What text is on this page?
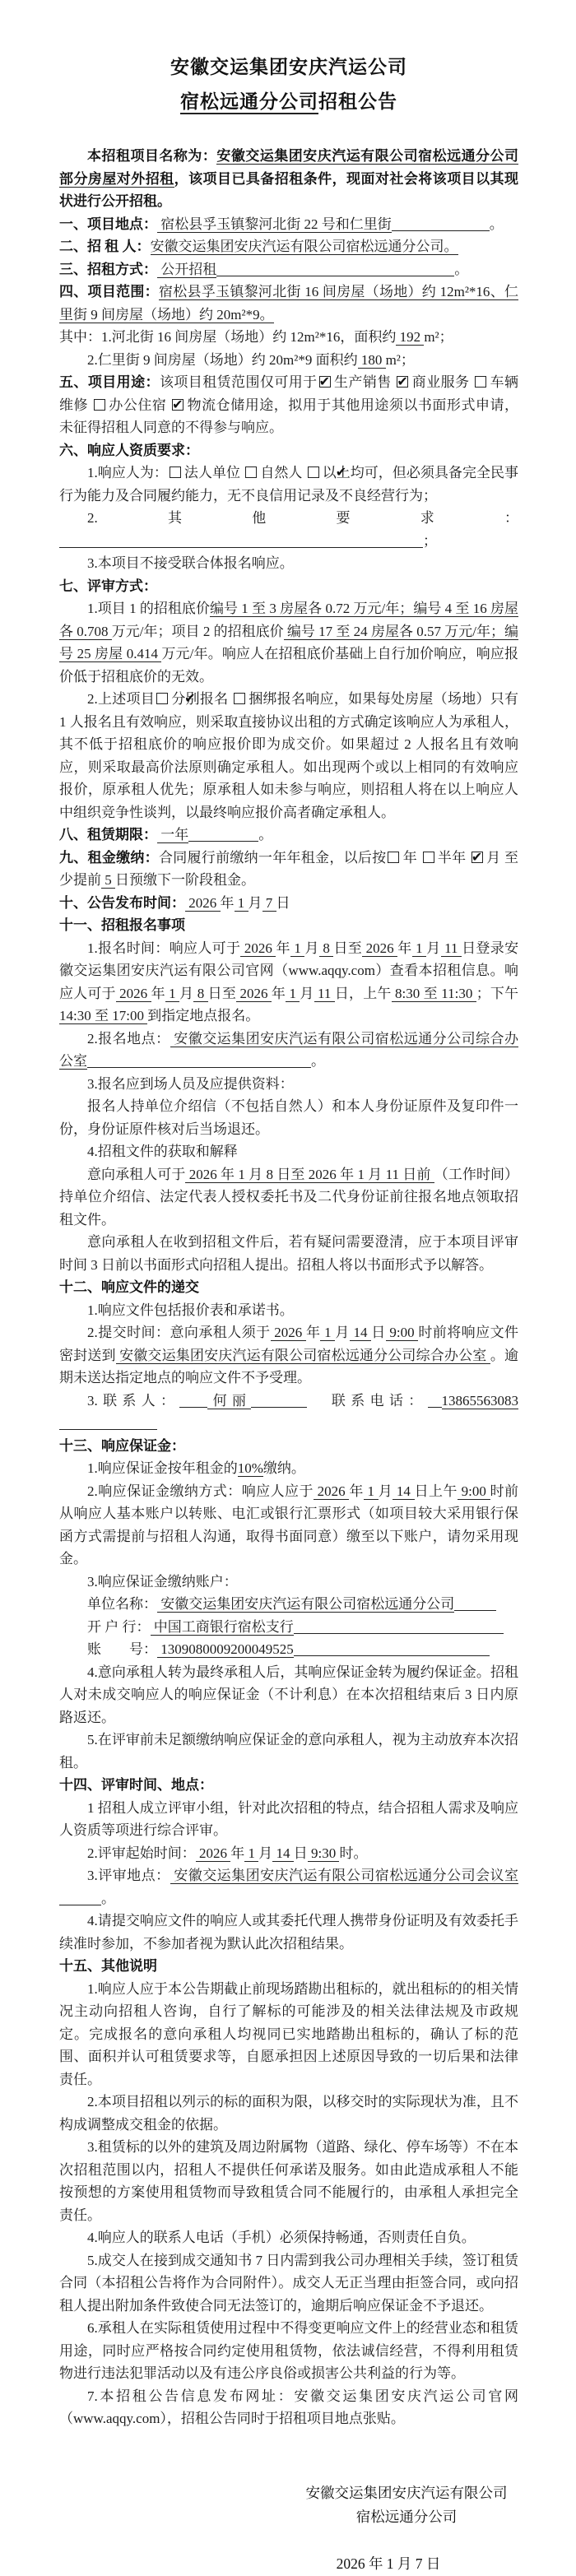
安徽交运集团安庆汽运公司
宿松远通分公司招租公告

本招租项目名称为：安徽交运集团安庆汽运有限公司宿松远通分公司部分房屋对外招租，该项目已具备招租条件，现面对社会将该项目以其现状进行公开招租。

一、项目地点： 宿松县孚玉镇黎河北街 22 号和仁里街	。

二、招 租 人：安徽交运集团安庆汽运有限公司宿松远通分公司。

三、招租方式： 公开招租	。

四、项目范围：宿松县孚玉镇黎河北街 16 间房屋（场地）约 12m²*16、仁里街 9 间房屋（场地）约 20m²*9。

其中：1.河北街 16 间房屋（场地）约 12m²*16，面积约 192 m²；

2.仁里街 9 间房屋（场地）约 20m²*9 面积约 180 m²；

五、项目用途：该项目租赁范围仅可用于 ✔ 生产销售 ✔商业服务 车辆维修 办公住宿 ✔物流仓储用途，拟用于其他用途须以书面形式申请，未征得招租人同意的不得参与响应。

六、响应人资质要求：

1.响应人为： 法人单位 自然人 ✔以上均可，但必须具备完全民事行为能力及合同履约能力，无不良信用记录及不良经营行为；

2.其他要求：；

3.本项目不接受联合体报名响应。

七、评审方式：

1.项目 1 的招租底价编号 1 至 3 房屋各 0.72 万元/年；编号 4 至 16 房屋各 0.708 万元/年；项目 2 的招租底价 编号 17 至 24 房屋各 0.57 万元/年；编号 25 房屋 0.414 万元/年。响应人在招租底价基础上自行加价响应，响应报价低于招租底价的无效。

2.上述项目 ✔ 分别报名 捆绑报名响应，如果每处房屋（场地）只有 1 人报名且有效响应，则采取直接协议出租的方式确定该响应人为承租人，其不低于招租底价的响应报价即为成交价。如果超过 2 人报名且有效响应，则采取最高价法原则确定承租人。如出现两个或以上相同的有效响应报价，原承租人优先；原承租人如未参与响应，则招租人将在以上响应人中组织竞争性谈判，以最终响应报价高者确定承租人。

八、租赁期限： 一年	。

九、租金缴纳：合同履行前缴纳一年年租金，以后按 年 半年 ✔月 至少提前 5 日预缴下一阶段租金。

十、公告发布时间： 2026 年 1 月 7 日

十一、招租报名事项

1.报名时间：响应人可于 2026 年 1 月 8 日至 2026 年 1 月 11 日登录安徽交运集团安庆汽运有限公司官网（www.aqqy.com）查看本招租信息。响应人可于 2026 年 1 月 8 日至 2026 年 1 月 11 日，上午 8:30 至 11:30 ；下午 14:30 至 17:00 到指定地点报名。

2.报名地点： 安徽交运集团安庆汽运有限公司宿松远通分公司综合办公室	。

3.报名应到场人员及应提供资料：

报名人持单位介绍信（不包括自然人）和本人身份证原件及复印件一份，身份证原件核对后当场退还。

4.招租文件的获取和解释

意向承租人可于 2026 年 1 月 8 日至 2026 年 1 月 11 日前 （工作时间）持单位介绍信、法定代表人授权委托书及二代身份证前往报名地点领取招租文件。

意向承租人在收到招租文件后，若有疑问需要澄清，应于本项目评审时间 3 日前以书面形式向招租人提出。招租人将以书面形式予以解答。

十二、响应文件的递交

1.响应文件包括报价表和承诺书。

2.提交时间：意向承租人须于 2026 年 1 月 14 日 9:00 时前将响应文件密封送到 安徽交运集团安庆汽运有限公司宿松远通分公司综合办公室 。逾期未送达指定地点的响应文件不予受理。

3.联系人： 何丽	　联系电话： 13865563083

十三、响应保证金：

1.响应保证金按年租金的10%缴纳。

2.响应保证金缴纳方式：响应人应于 2026 年 1 月 14 日上午 9:00 时前从响应人基本账户以转账、电汇或银行汇票形式（如项目较大采用银行保函方式需提前与招租人沟通，取得书面同意）缴至以下账户，请勿采用现金。

3.响应保证金缴纳账户：

单位名称： 安徽交运集团安庆汽运有限公司宿松远通分公司

开 户 行： 中国工商银行宿松支行

账　　号： 1309080009200049525

4.意向承租人转为最终承租人后，其响应保证金转为履约保证金。招租人对未成交响应人的响应保证金（不计利息）在本次招租结束后 3 日内原路返还。

5.在评审前未足额缴纳响应保证金的意向承租人，视为主动放弃本次招租。

十四、评审时间、地点：

1 招租人成立评审小组，针对此次招租的特点，结合招租人需求及响应人资质等项进行综合评审。

2.评审起始时间： 2026 年 1 月 14 日 9:30 时。

3.评审地点： 安徽交运集团安庆汽运有限公司宿松远通分公司会议室。

4.请提交响应文件的响应人或其委托代理人携带身份证明及有效委托手续准时参加，不参加者视为默认此次招租结果。

十五、其他说明

1.响应人应于本公告期截止前现场踏勘出租标的，就出租标的的相关情况主动向招租人咨询，自行了解标的可能涉及的相关法律法规及市政规定。完成报名的意向承租人均视同已实地踏勘出租标的，确认了标的范围、面积并认可租赁要求等，自愿承担因上述原因导致的一切后果和法律责任。

2.本项目招租以列示的标的面积为限，以移交时的实际现状为准，且不构成调整成交租金的依据。

3.租赁标的以外的建筑及周边附属物（道路、绿化、停车场等）不在本次招租范围以内，招租人不提供任何承诺及服务。如由此造成承租人不能按预想的方案使用租赁物而导致租赁合同不能履行的，由承租人承担完全责任。

4.响应人的联系人电话（手机）必须保持畅通，否则责任自负。

5.成交人在接到成交通知书 7 日内需到我公司办理相关手续，签订租赁合同（本招租公告将作为合同附件）。成交人无正当理由拒签合同，或向招租人提出附加条件致使合同无法签订的，逾期后响应保证金不予退还。

6.承租人在实际租赁使用过程中不得变更响应文件上的经营业态和租赁用途，同时应严格按合同约定使用租赁物，依法诚信经营，不得利用租赁物进行违法犯罪活动以及有违公序良俗或损害公共利益的行为等。

7.本招租公告信息发布网址：安徽交运集团安庆汽运公司官网（www.aqqy.com），招租公告同时于招租项目地点张贴。

安徽交运集团安庆汽运有限公司
宿松远通分公司
2026 年 1 月 7 日
